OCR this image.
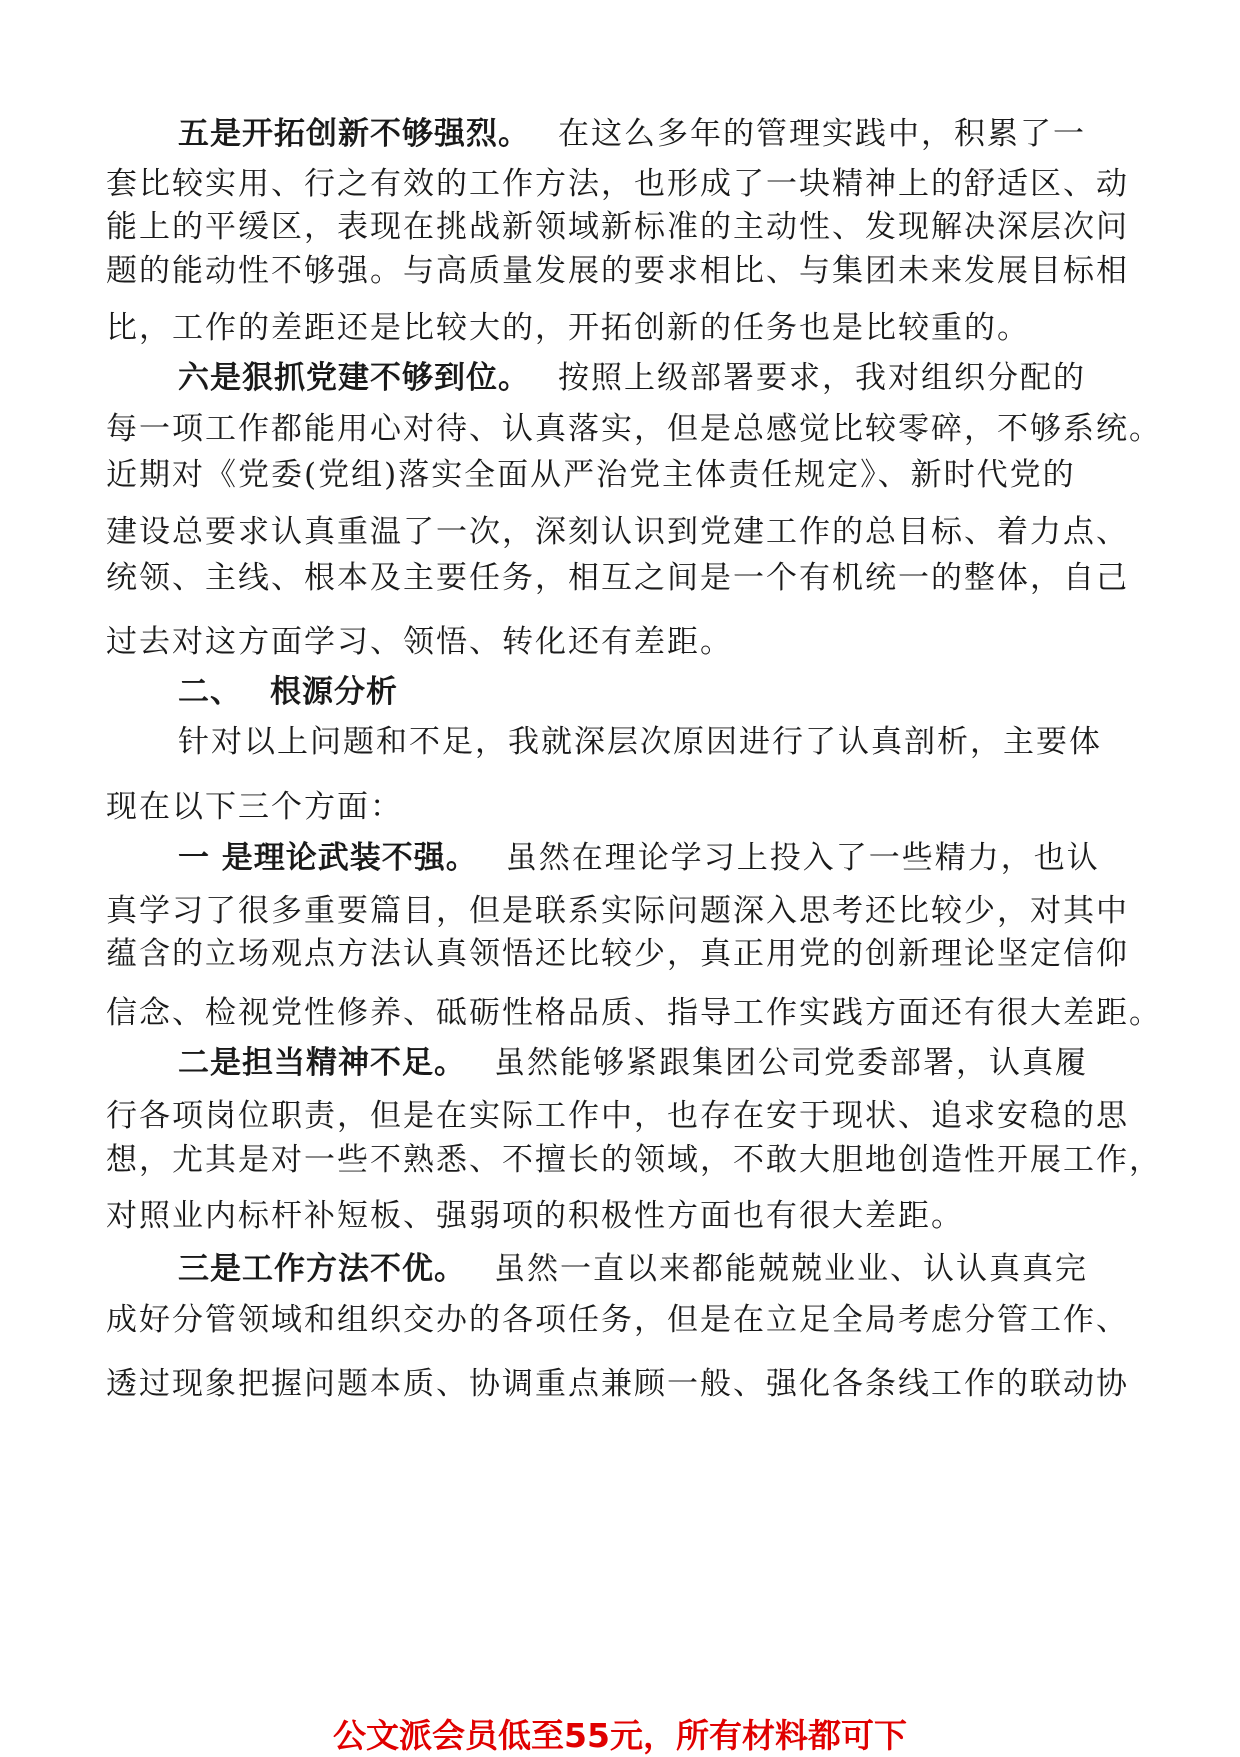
五是开拓创新不够强烈。 在这么多年的管理实践中，积累了一
套比较实用、行之有效的工作方法，也形成了一块精神上的舒适区、动
能上的平缓区，表现在挑战新领域新标准的主动性、发现解决深层次问
题的能动性不够强。与高质量发展的要求相比、与集团未来发展目标相
比，工作的差距还是比较大的，开拓创新的任务也是比较重的。
六是狠抓党建不够到位。 按照上级部署要求，我对组织分配的
每一项工作都能用心对待、认真落实，但是总感觉比较零碎，不够系统。
近期对《党委(党组)落实全面从严治党主体责任规定》、新时代党的
建设总要求认真重温了一次，深刻认识到党建工作的总目标、着力点、
统领、主线、根本及主要任务，相互之间是一个有机统一的整体，自己
过去对这方面学习、领悟、转化还有差距。
二、 根源分析
针对以上问题和不足，我就深层次原因进行了认真剖析，主要体
现在以下三个方面：
一 是理论武装不强。 虽然在理论学习上投入了一些精力，也认
真学习了很多重要篇目，但是联系实际问题深入思考还比较少，对其中
蕴含的立场观点方法认真领悟还比较少，真正用党的创新理论坚定信仰
信念、检视党性修养、砥砺性格品质、指导工作实践方面还有很大差距。
二是担当精神不足。 虽然能够紧跟集团公司党委部署，认真履
行各项岗位职责，但是在实际工作中，也存在安于现状、追求安稳的思
想，尤其是对一些不熟悉、不擅长的领域，不敢大胆地创造性开展工作，
对照业内标杆补短板、强弱项的积极性方面也有很大差距。
三是工作方法不优。 虽然一直以来都能兢兢业业、认认真真完
成好分管领域和组织交办的各项任务，但是在立足全局考虑分管工作、
透过现象把握问题本质、协调重点兼顾一般、强化各条线工作的联动协
公文派会员低至55元，所有材料都可下
